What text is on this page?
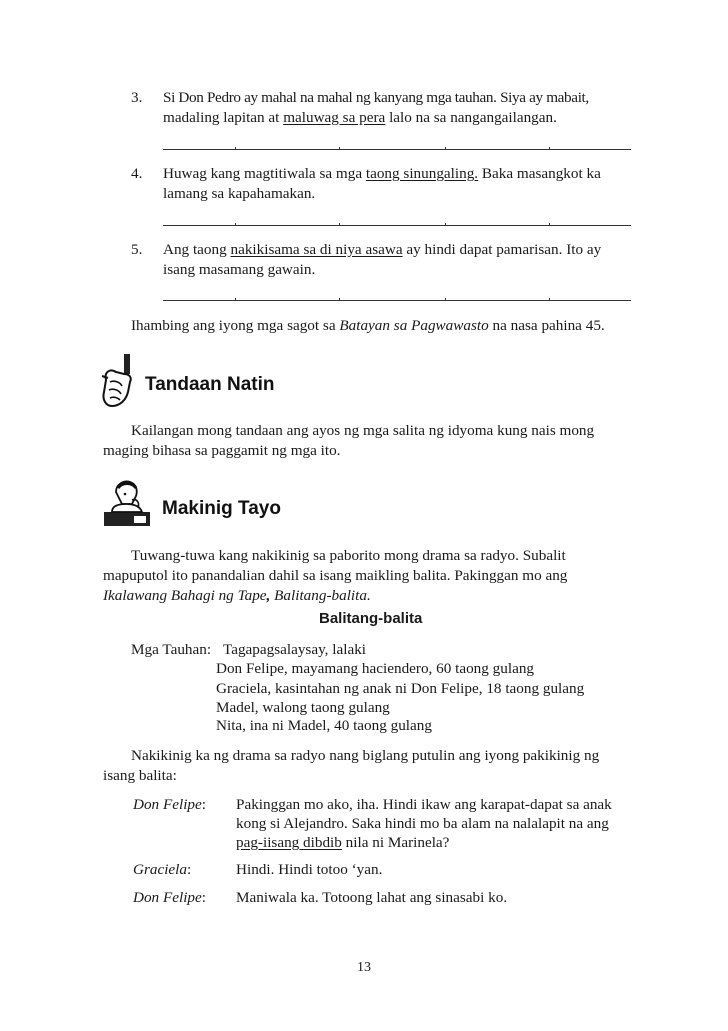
3. Si Don Pedro ay mahal na mahal ng kanyang mga tauhan. Siya ay mabait,
madaling lapitan at maluwag sa pera lalo na sa nangangailangan.
4. Huwag kang magtitiwala sa mga taong sinungaling. Baka masangkot ka
lamang sa kapahamakan.
5. Ang taong nakikisama sa di niya asawa ay hindi dapat pamarisan. Ito ay
isang masamang gawain.
Ihambing ang iyong mga sagot sa Batayan sa Pagwawasto na nasa pahina 45.
Tandaan Natin
Kailangan mong tandaan ang ayos ng mga salita ng idyoma kung nais mong
maging bihasa sa paggamit ng mga ito.
Makinig Tayo
Tuwang-tuwa kang nakikinig sa paborito mong drama sa radyo. Subalit
mapuputol ito panandalian dahil sa isang maikling balita. Pakinggan mo ang
Ikalawang Bahagi ng Tape, Balitang-balita.
Balitang-balita
Mga Tauhan: Tagapagsalaysay, lalaki
Don Felipe, mayamang haciendero, 60 taong gulang
Graciela, kasintahan ng anak ni Don Felipe, 18 taong gulang
Madel, walong taong gulang
Nita, ina ni Madel, 40 taong gulang
Nakikinig ka ng drama sa radyo nang biglang putulin ang iyong pakikinig ng
isang balita:
Don Felipe: Pakinggan mo ako, iha. Hindi ikaw ang karapat-dapat sa anak
kong si Alejandro. Saka hindi mo ba alam na nalalapit na ang
pag-iisang dibdib nila ni Marinela?
Graciela:	Hindi. Hindi totoo ‘yan.
Don Felipe: Maniwala ka. Totoong lahat ang sinasabi ko.
13
